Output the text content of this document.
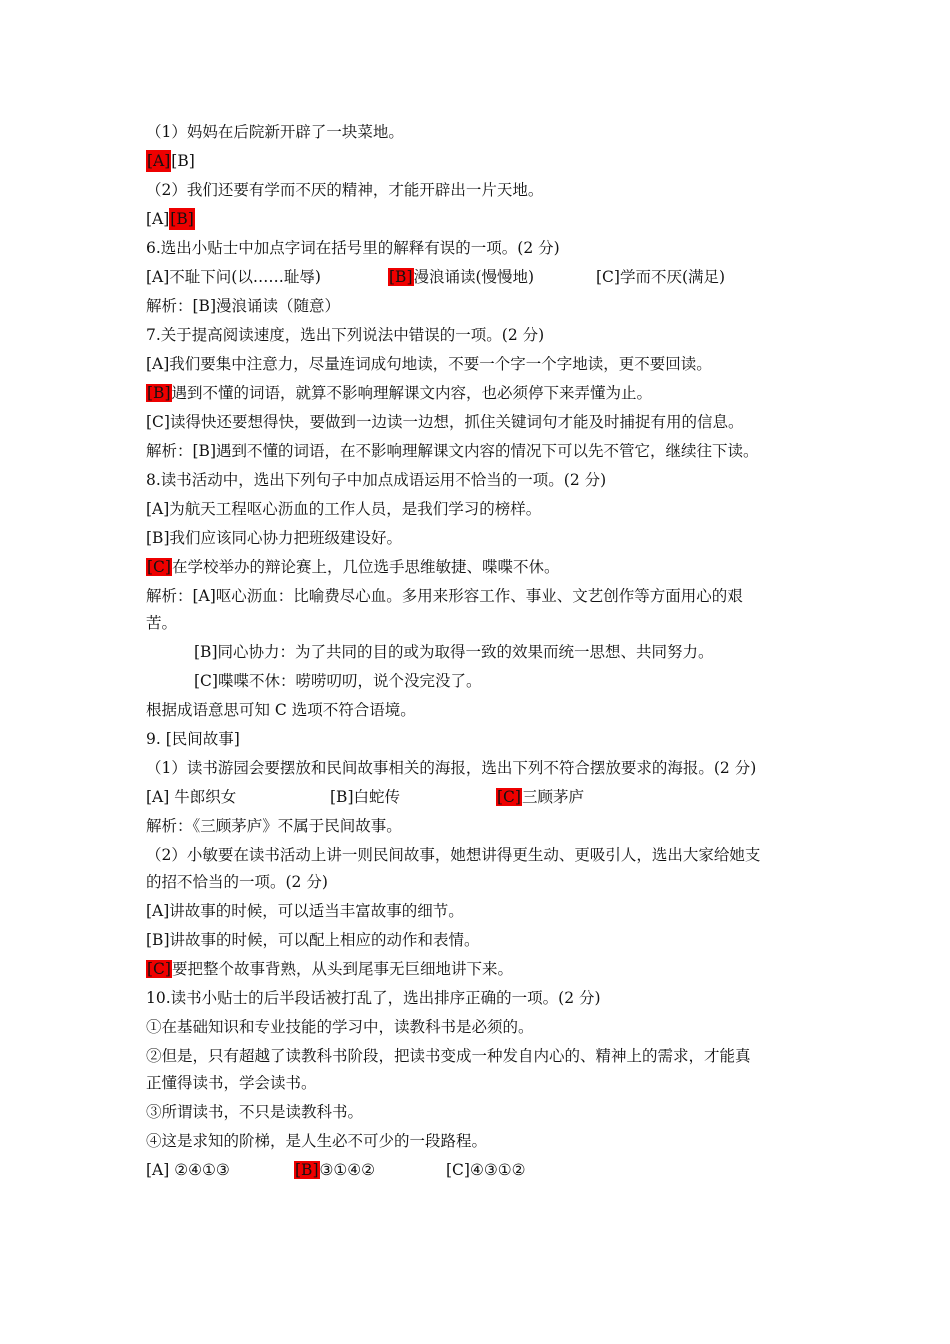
（1）妈妈在后院新开辟了一块菜地。
[A][B]
（2）我们还要有学而不厌的精神，才能开辟出一片天地。
[A][B]
6.选出小贴士中加点字词在括号里的解释有误的一项。(2 分)
[A]不耻下问(以……耻辱)	[B]漫浪诵读(慢慢地)	[C]学而不厌(满足)
解析：[B]漫浪诵读（随意）
7.关于提高阅读速度，选出下列说法中错误的一项。(2 分)
[A]我们要集中注意力，尽量连词成句地读，不要一个字一个字地读，更不要回读。
[B]遇到不懂的词语，就算不影响理解课文内容，也必须停下来弄懂为止。
[C]读得快还要想得快，要做到一边读一边想，抓住关键词句才能及时捕捉有用的信息。
解析：[B]遇到不懂的词语，在不影响理解课文内容的情况下可以先不管它，继续往下读。
8.读书活动中，选出下列句子中加点成语运用不恰当的一项。(2 分)
[A]为航天工程呕心沥血的工作人员，是我们学习的榜样。
[B]我们应该同心协力把班级建设好。
[C]在学校举办的辩论赛上，几位选手思维敏捷、喋喋不休。
解析：[A]呕心沥血：比喻费尽心血。多用来形容工作、事业、文艺创作等方面用心的艰
苦。
[B]同心协力：为了共同的目的或为取得一致的效果而统一思想、共同努力。
[C]喋喋不休：唠唠叨叨，说个没完没了。
根据成语意思可知 C 选项不符合语境。
9. [民间故事]
（1）读书游园会要摆放和民间故事相关的海报，选出下列不符合摆放要求的海报。(2 分)
[A] 牛郎织女	[B]白蛇传	[C]三顾茅庐
解析：《三顾茅庐》不属于民间故事。
（2）小敏要在读书活动上讲一则民间故事，她想讲得更生动、更吸引人，选出大家给她支
的招不恰当的一项。(2 分)
[A]讲故事的时候，可以适当丰富故事的细节。
[B]讲故事的时候，可以配上相应的动作和表情。
[C]要把整个故事背熟，从头到尾事无巨细地讲下来。
10.读书小贴士的后半段话被打乱了，选出排序正确的一项。(2 分)
①在基础知识和专业技能的学习中，读教科书是必须的。
②但是，只有超越了读教科书阶段，把读书变成一种发自内心的、精神上的需求，才能真
正懂得读书，学会读书。
③所谓读书，不只是读教科书。
④这是求知的阶梯，是人生必不可少的一段路程。
[A] ②④①③	[B]③①④②	[C]④③①②
